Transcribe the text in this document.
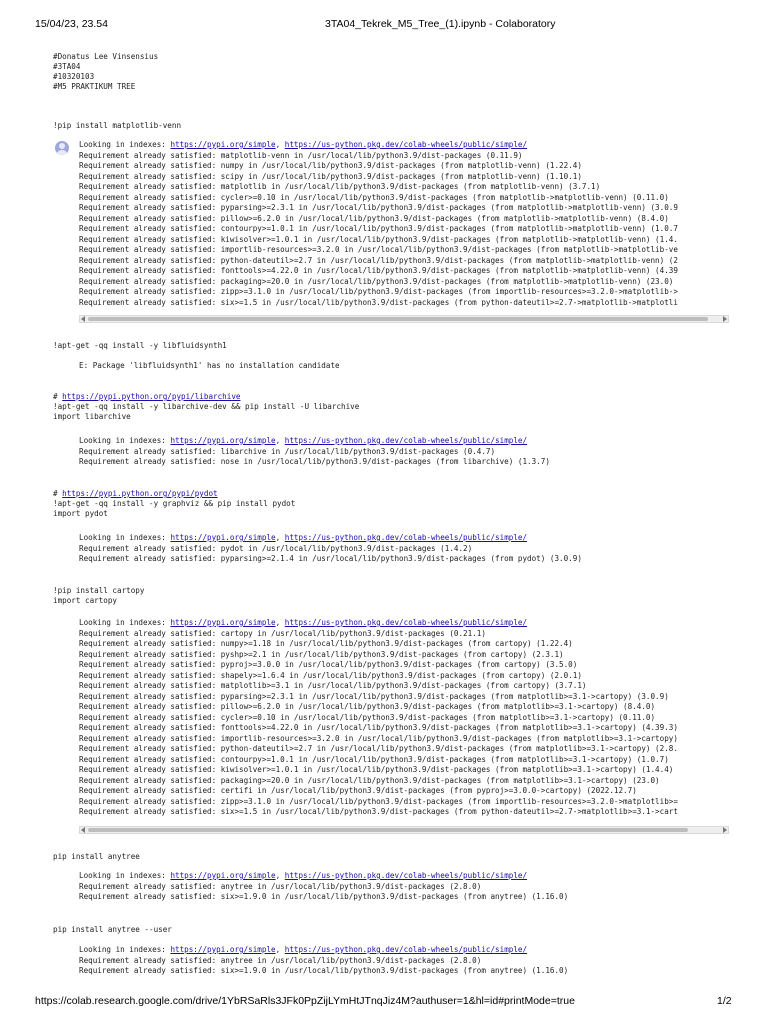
15/04/23, 23.54	3TA04_Tekrek_M5_Tree_(1).ipynb - Colaboratory
#Donatus Lee Vinsensius
#3TA04
#10320103
#M5 PRAKTIKUM TREE
!pip install matplotlib-venn
Looking in indexes: https://pypi.org/simple, https://us-python.pkg.dev/colab-wheels/public/simple/
Requirement already satisfied: matplotlib-venn in /usr/local/lib/python3.9/dist-packages (0.11.9)
Requirement already satisfied: numpy in /usr/local/lib/python3.9/dist-packages (from matplotlib-venn) (1.22.4)
Requirement already satisfied: scipy in /usr/local/lib/python3.9/dist-packages (from matplotlib-venn) (1.10.1)
Requirement already satisfied: matplotlib in /usr/local/lib/python3.9/dist-packages (from matplotlib-venn) (3.7.1)
Requirement already satisfied: cycler>=0.10 in /usr/local/lib/python3.9/dist-packages (from matplotlib->matplotlib-venn) (0.11.0)
Requirement already satisfied: pyparsing>=2.3.1 in /usr/local/lib/python3.9/dist-packages (from matplotlib->matplotlib-venn) (3.0.9
Requirement already satisfied: pillow>=6.2.0 in /usr/local/lib/python3.9/dist-packages (from matplotlib->matplotlib-venn) (8.4.0)
Requirement already satisfied: contourpy>=1.0.1 in /usr/local/lib/python3.9/dist-packages (from matplotlib->matplotlib-venn) (1.0.7
Requirement already satisfied: kiwisolver>=1.0.1 in /usr/local/lib/python3.9/dist-packages (from matplotlib->matplotlib-venn) (1.4.
Requirement already satisfied: importlib-resources>=3.2.0 in /usr/local/lib/python3.9/dist-packages (from matplotlib->matplotlib-ve
Requirement already satisfied: python-dateutil>=2.7 in /usr/local/lib/python3.9/dist-packages (from matplotlib->matplotlib-venn) (2
Requirement already satisfied: fonttools>=4.22.0 in /usr/local/lib/python3.9/dist-packages (from matplotlib->matplotlib-venn) (4.39
Requirement already satisfied: packaging>=20.0 in /usr/local/lib/python3.9/dist-packages (from matplotlib->matplotlib-venn) (23.0)
Requirement already satisfied: zipp>=3.1.0 in /usr/local/lib/python3.9/dist-packages (from importlib-resources>=3.2.0->matplotlib->
Requirement already satisfied: six>=1.5 in /usr/local/lib/python3.9/dist-packages (from python-dateutil>=2.7->matplotlib->matplotli
!apt-get -qq install -y libfluidsynth1
E: Package 'libfluidsynth1' has no installation candidate
# https://pypi.python.org/pypi/libarchive
!apt-get -qq install -y libarchive-dev && pip install -U libarchive
import libarchive
Looking in indexes: https://pypi.org/simple, https://us-python.pkg.dev/colab-wheels/public/simple/
Requirement already satisfied: libarchive in /usr/local/lib/python3.9/dist-packages (0.4.7)
Requirement already satisfied: nose in /usr/local/lib/python3.9/dist-packages (from libarchive) (1.3.7)
# https://pypi.python.org/pypi/pydot
!apt-get -qq install -y graphviz && pip install pydot
import pydot
Looking in indexes: https://pypi.org/simple, https://us-python.pkg.dev/colab-wheels/public/simple/
Requirement already satisfied: pydot in /usr/local/lib/python3.9/dist-packages (1.4.2)
Requirement already satisfied: pyparsing>=2.1.4 in /usr/local/lib/python3.9/dist-packages (from pydot) (3.0.9)
!pip install cartopy
import cartopy
Looking in indexes: https://pypi.org/simple, https://us-python.pkg.dev/colab-wheels/public/simple/
Requirement already satisfied: cartopy in /usr/local/lib/python3.9/dist-packages (0.21.1)
Requirement already satisfied: numpy>=1.18 in /usr/local/lib/python3.9/dist-packages (from cartopy) (1.22.4)
Requirement already satisfied: pyshp>=2.1 in /usr/local/lib/python3.9/dist-packages (from cartopy) (2.3.1)
Requirement already satisfied: pyproj>=3.0.0 in /usr/local/lib/python3.9/dist-packages (from cartopy) (3.5.0)
Requirement already satisfied: shapely>=1.6.4 in /usr/local/lib/python3.9/dist-packages (from cartopy) (2.0.1)
Requirement already satisfied: matplotlib>=3.1 in /usr/local/lib/python3.9/dist-packages (from cartopy) (3.7.1)
Requirement already satisfied: pyparsing>=2.3.1 in /usr/local/lib/python3.9/dist-packages (from matplotlib>=3.1->cartopy) (3.0.9)
Requirement already satisfied: pillow>=6.2.0 in /usr/local/lib/python3.9/dist-packages (from matplotlib>=3.1->cartopy) (8.4.0)
Requirement already satisfied: cycler>=0.10 in /usr/local/lib/python3.9/dist-packages (from matplotlib>=3.1->cartopy) (0.11.0)
Requirement already satisfied: fonttools>=4.22.0 in /usr/local/lib/python3.9/dist-packages (from matplotlib>=3.1->cartopy) (4.39.3)
Requirement already satisfied: importlib-resources>=3.2.0 in /usr/local/lib/python3.9/dist-packages (from matplotlib>=3.1->cartopy)
Requirement already satisfied: python-dateutil>=2.7 in /usr/local/lib/python3.9/dist-packages (from matplotlib>=3.1->cartopy) (2.8.
Requirement already satisfied: contourpy>=1.0.1 in /usr/local/lib/python3.9/dist-packages (from matplotlib>=3.1->cartopy) (1.0.7)
Requirement already satisfied: kiwisolver>=1.0.1 in /usr/local/lib/python3.9/dist-packages (from matplotlib>=3.1->cartopy) (1.4.4)
Requirement already satisfied: packaging>=20.0 in /usr/local/lib/python3.9/dist-packages (from matplotlib>=3.1->cartopy) (23.0)
Requirement already satisfied: certifi in /usr/local/lib/python3.9/dist-packages (from pyproj>=3.0.0->cartopy) (2022.12.7)
Requirement already satisfied: zipp>=3.1.0 in /usr/local/lib/python3.9/dist-packages (from importlib-resources>=3.2.0->matplotlib>=
Requirement already satisfied: six>=1.5 in /usr/local/lib/python3.9/dist-packages (from python-dateutil>=2.7->matplotlib>=3.1->cart
pip install anytree
Looking in indexes: https://pypi.org/simple, https://us-python.pkg.dev/colab-wheels/public/simple/
Requirement already satisfied: anytree in /usr/local/lib/python3.9/dist-packages (2.8.0)
Requirement already satisfied: six>=1.9.0 in /usr/local/lib/python3.9/dist-packages (from anytree) (1.16.0)
pip install anytree --user
Looking in indexes: https://pypi.org/simple, https://us-python.pkg.dev/colab-wheels/public/simple/
Requirement already satisfied: anytree in /usr/local/lib/python3.9/dist-packages (2.8.0)
Requirement already satisfied: six>=1.9.0 in /usr/local/lib/python3.9/dist-packages (from anytree) (1.16.0)
https://colab.research.google.com/drive/1YbRSaRls3JFk0PpZijLYmHtJTnqJiz4M?authuser=1&hl=id#printMode=true	1/2
